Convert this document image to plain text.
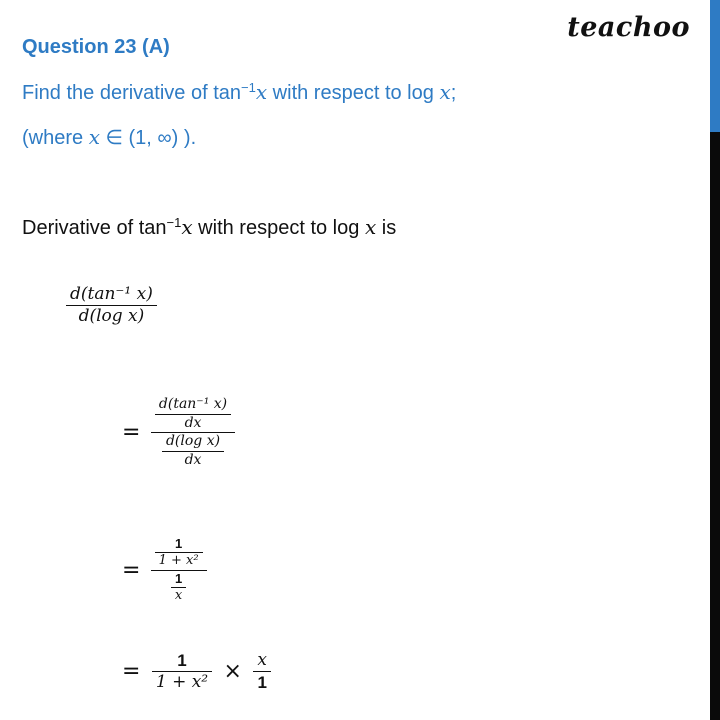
teachoo
Question 23 (A)
Find the derivative of $\tan^{-1}x$ with respect to log x;
(where x ∈ (1, ∞) ).
Derivative of $\tan^{-1}x$ with respect to log x is
$\frac{\text{d(tan⁻¹ x)}}{\text{d(log x)}}$
= $\frac{\frac{\text{d(tan⁻¹ x)}}{dx}}{\frac{\text{d(log x)}}{dx}}$
= $\frac{\frac{1}{\text{1 + x²}}}{\frac{1}{x}}$
= $\frac{1}{\text{1 + x²}} \times \frac{x}{1}$
